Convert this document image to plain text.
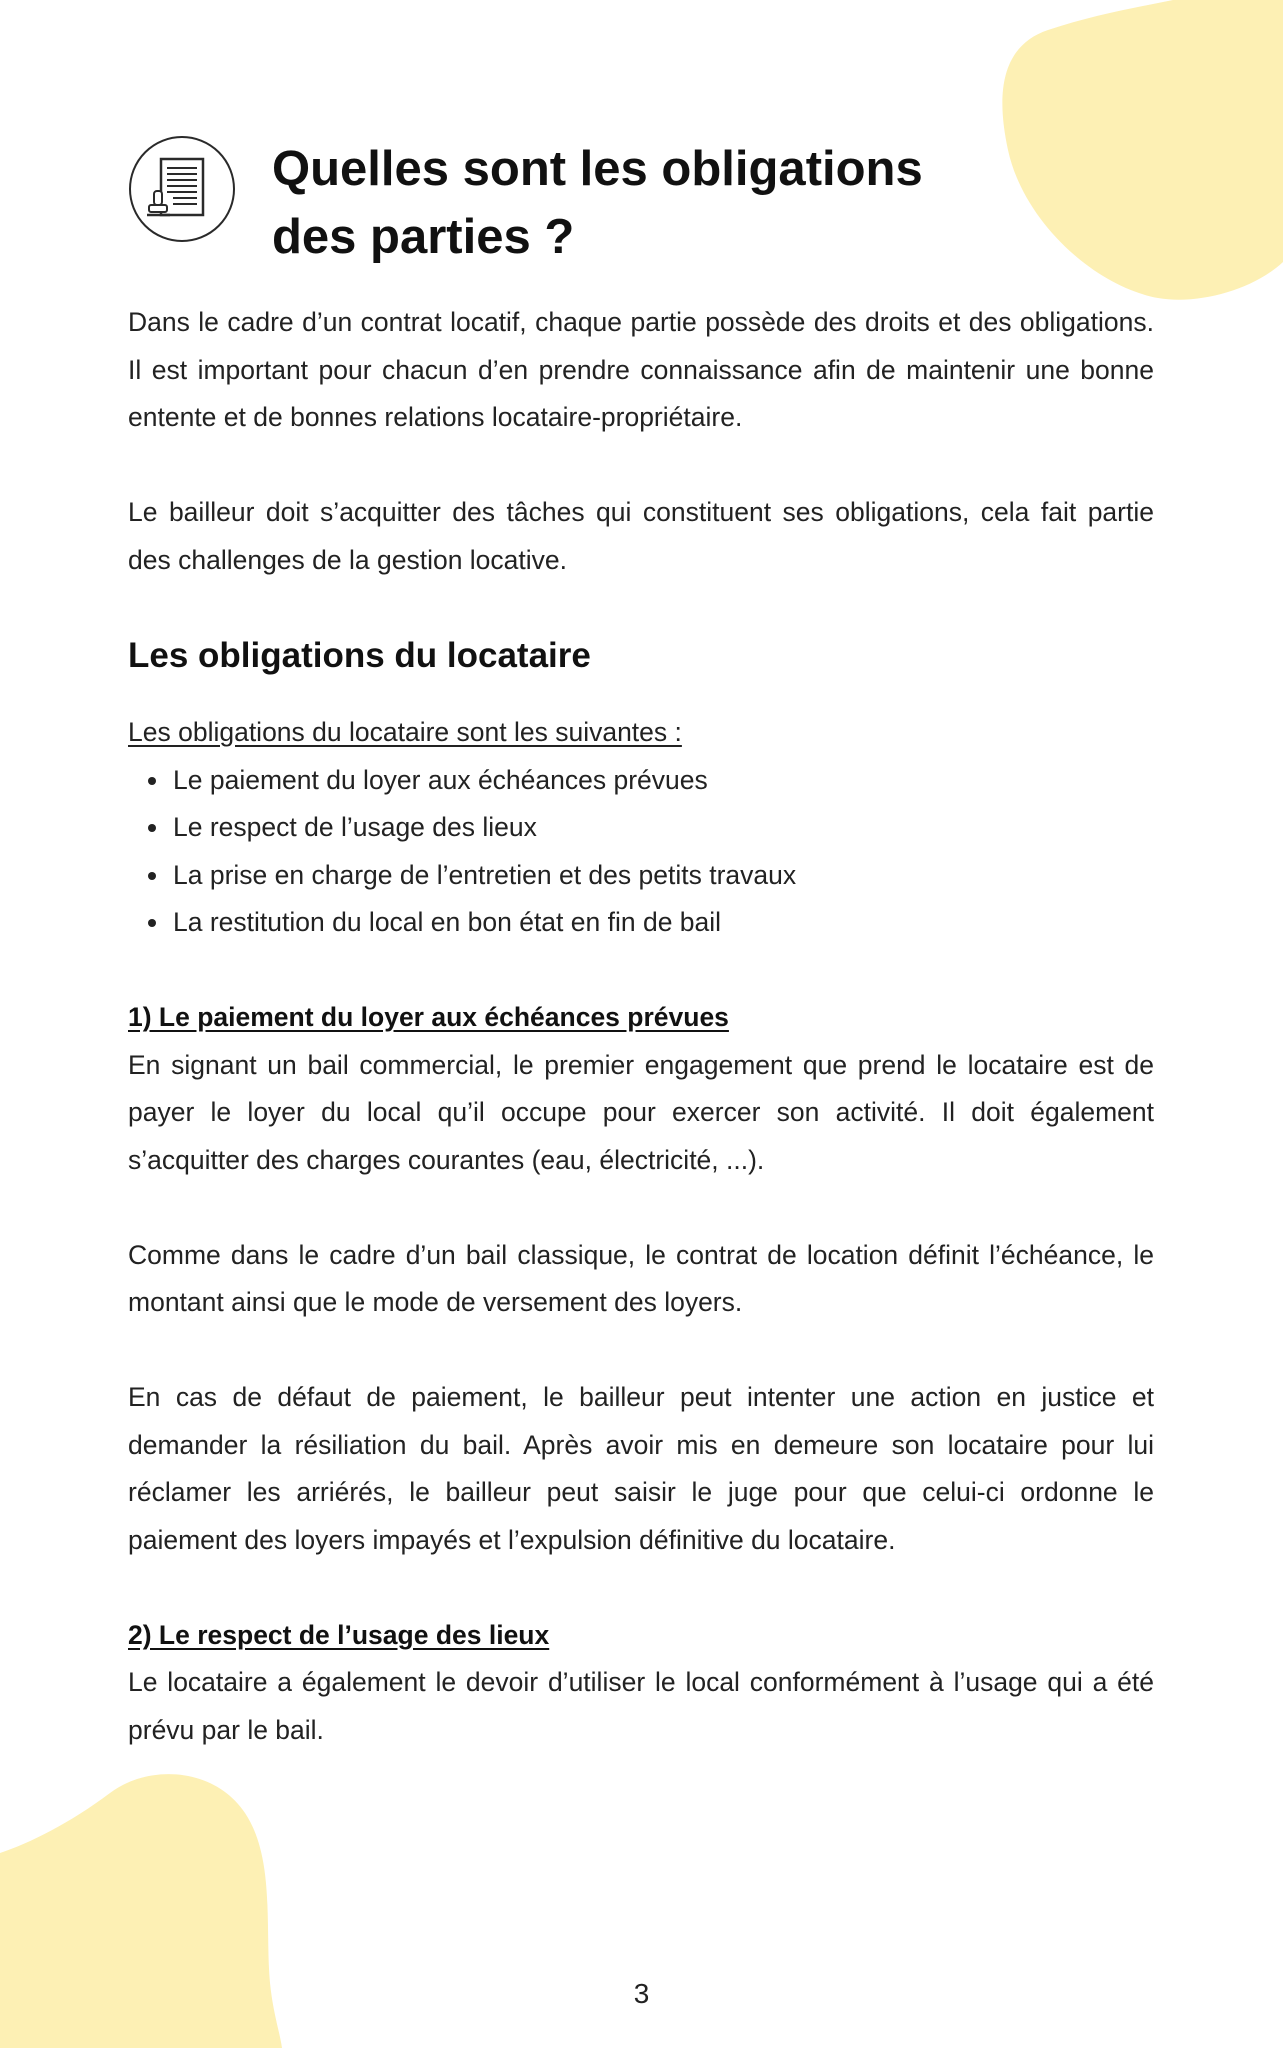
Quelles sont les obligations des parties ?

Dans le cadre d’un contrat locatif, chaque partie possède des droits et des obligations. Il est important pour chacun d’en prendre connaissance afin de maintenir une bonne entente et de bonnes relations locataire-propriétaire.

Le bailleur doit s’acquitter des tâches qui constituent ses obligations, cela fait partie des challenges de la gestion locative.

Les obligations du locataire

Les obligations du locataire sont les suivantes :

Le paiement du loyer aux échéances prévues
Le respect de l’usage des lieux
La prise en charge de l’entretien et des petits travaux
La restitution du local en bon état en fin de bail

1) Le paiement du loyer aux échéances prévues

En signant un bail commercial, le premier engagement que prend le locataire est de payer le loyer du local qu’il occupe pour exercer son activité. Il doit également s’acquitter des charges courantes (eau, électricité, ...).

Comme dans le cadre d’un bail classique, le contrat de location définit l’échéance, le montant ainsi que le mode de versement des loyers.

En cas de défaut de paiement, le bailleur peut intenter une action en justice et demander la résiliation du bail. Après avoir mis en demeure son locataire pour lui réclamer les arriérés, le bailleur peut saisir le juge pour que celui-ci ordonne le paiement des loyers impayés et l’expulsion définitive du locataire.

2) Le respect de l’usage des lieux

Le locataire a également le devoir d’utiliser le local conformément à l’usage qui a été prévu par le bail.

3
